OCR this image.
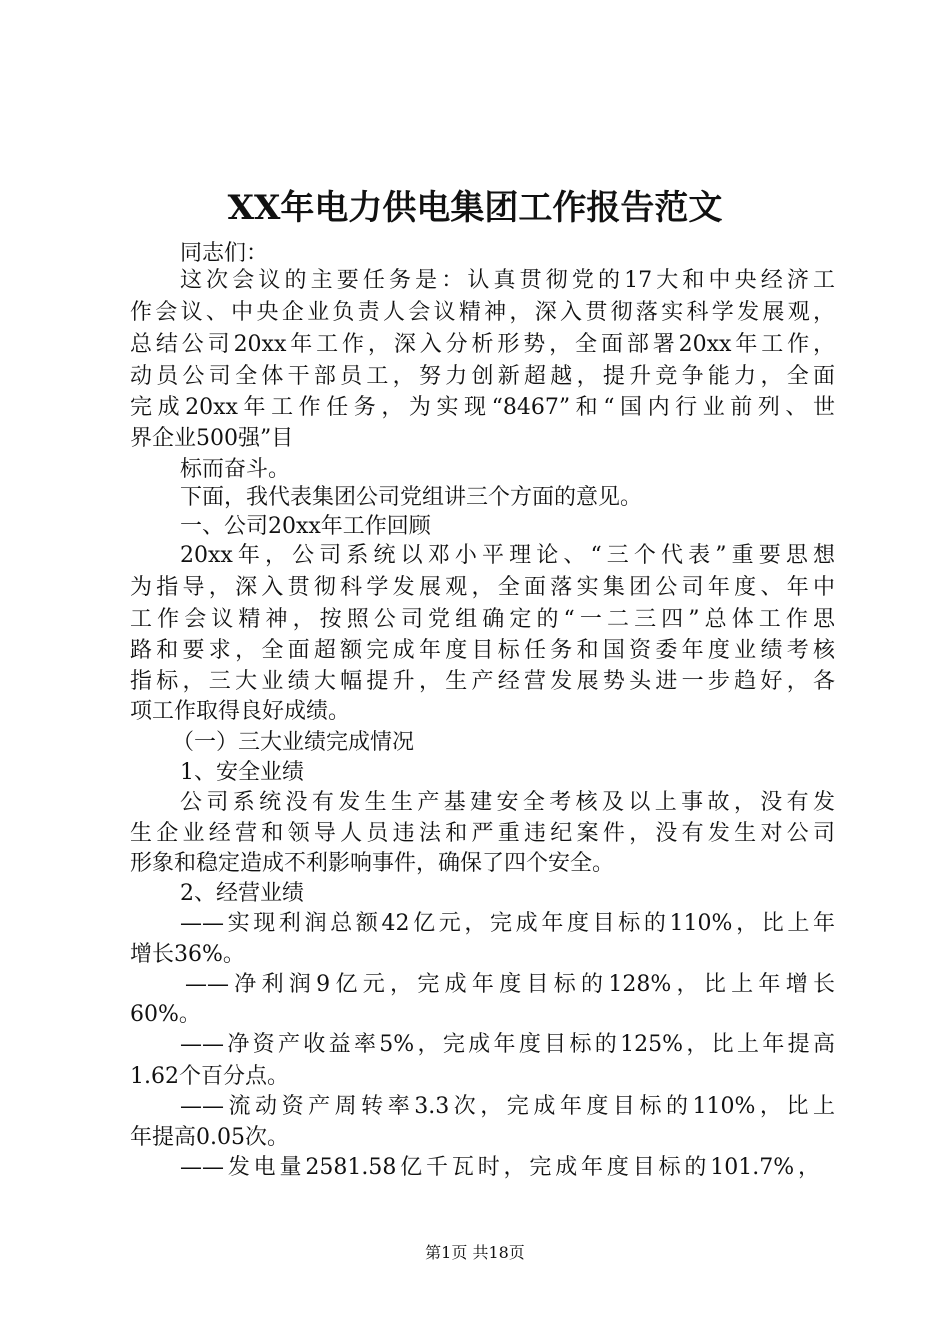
XX年电力供电集团工作报告范文
同志们：
这次会议的主要任务是：认真贯彻党的17大和中央经济工
作会议、中央企业负责人会议精神，深入贯彻落实科学发展观，
总结公司20xx年工作，深入分析形势，全面部署20xx年工作，
动员公司全体干部员工，努力创新超越，提升竞争能力，全面
完成20xx年工作任务，为实现“8467”和“国内行业前列、世
界企业500强”目
标而奋斗。
下面，我代表集团公司党组讲三个方面的意见。
一、公司20xx年工作回顾
20xx年，公司系统以邓小平理论、“三个代表”重要思想
为指导，深入贯彻科学发展观，全面落实集团公司年度、年中
工作会议精神，按照公司党组确定的“一二三四”总体工作思
路和要求，全面超额完成年度目标任务和国资委年度业绩考核
指标，三大业绩大幅提升，生产经营发展势头进一步趋好，各
项工作取得良好成绩。
（一）三大业绩完成情况
1、安全业绩
公司系统没有发生生产基建安全考核及以上事故，没有发
生企业经营和领导人员违法和严重违纪案件，没有发生对公司
形象和稳定造成不利影响事件，确保了四个安全。
2、经营业绩
——实现利润总额42亿元，完成年度目标的110%，比上年
增长36%。
——净利润9亿元，完成年度目标的128%，比上年增长
60%。
——净资产收益率5%，完成年度目标的125%，比上年提高
1.62个百分点。
——流动资产周转率3.3次，完成年度目标的110%，比上
年提高0.05次。
——发电量2581.58亿千瓦时，完成年度目标的101.7%，
第1页 共18页
